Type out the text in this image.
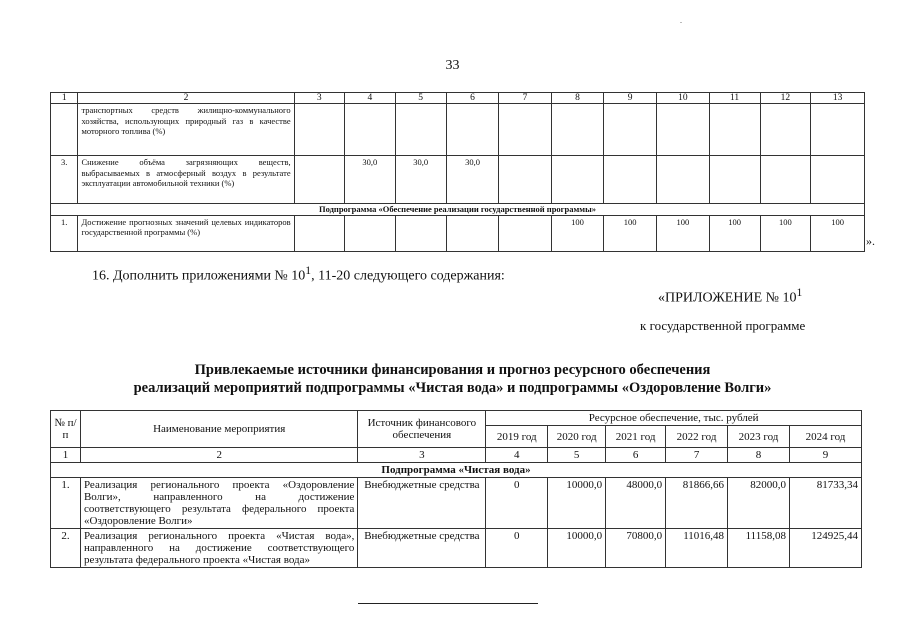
33
1	2	3	4	5	6	7	8	9	10	11	12	13
	транспортных средств жилищно-коммунального хозяйства, использующих природный газ в качестве моторного топлива (%)											
3.	Снижение объёма загрязняющих веществ, выбрасываемых в атмосферный воздух в результате эксплуатации автомобильной техники (%)		30,0	30,0	30,0							
Подпрограмма «Обеспечение реализации государственной программы»												
1.	Достижение прогнозных значений целевых индикаторов государственной программы (%)						100	100	100	100	100	100
».
16. Дополнить приложениями № $10^1$, 11-20 следующего содержания:
«ПРИЛОЖЕНИЕ № $10^1$
к государственной программе
Привлекаемые источники финансирования и прогноз ресурсного обеспечения
реализаций мероприятий подпрограммы «Чистая вода» и подпрограммы «Оздоровление Волги»
№ п/п	Наименование мероприятия	Источник финансового обеспечения	Ресурсное обеспечение, тыс. рублей					
			2019 год	2020 год	2021 год	2022 год	2023 год	2024 год
1	2	3	4	5	6	7	8	9
Подпрограмма «Чистая вода»								
1.	Реализация регионального проекта «Оздоровление Волги», направленного на достижение соответствующего результата федерального проекта «Оздоровление Волги»	Внебюджетные средства	0	10000,0	48000,0	81866,66	82000,0	81733,34
2.	Реализация регионального проекта «Чистая вода», направленного на достижение соответствующего результата федерального проекта «Чистая вода»	Внебюджетные средства	0	10000,0	70800,0	11016,48	11158,08	124925,44
